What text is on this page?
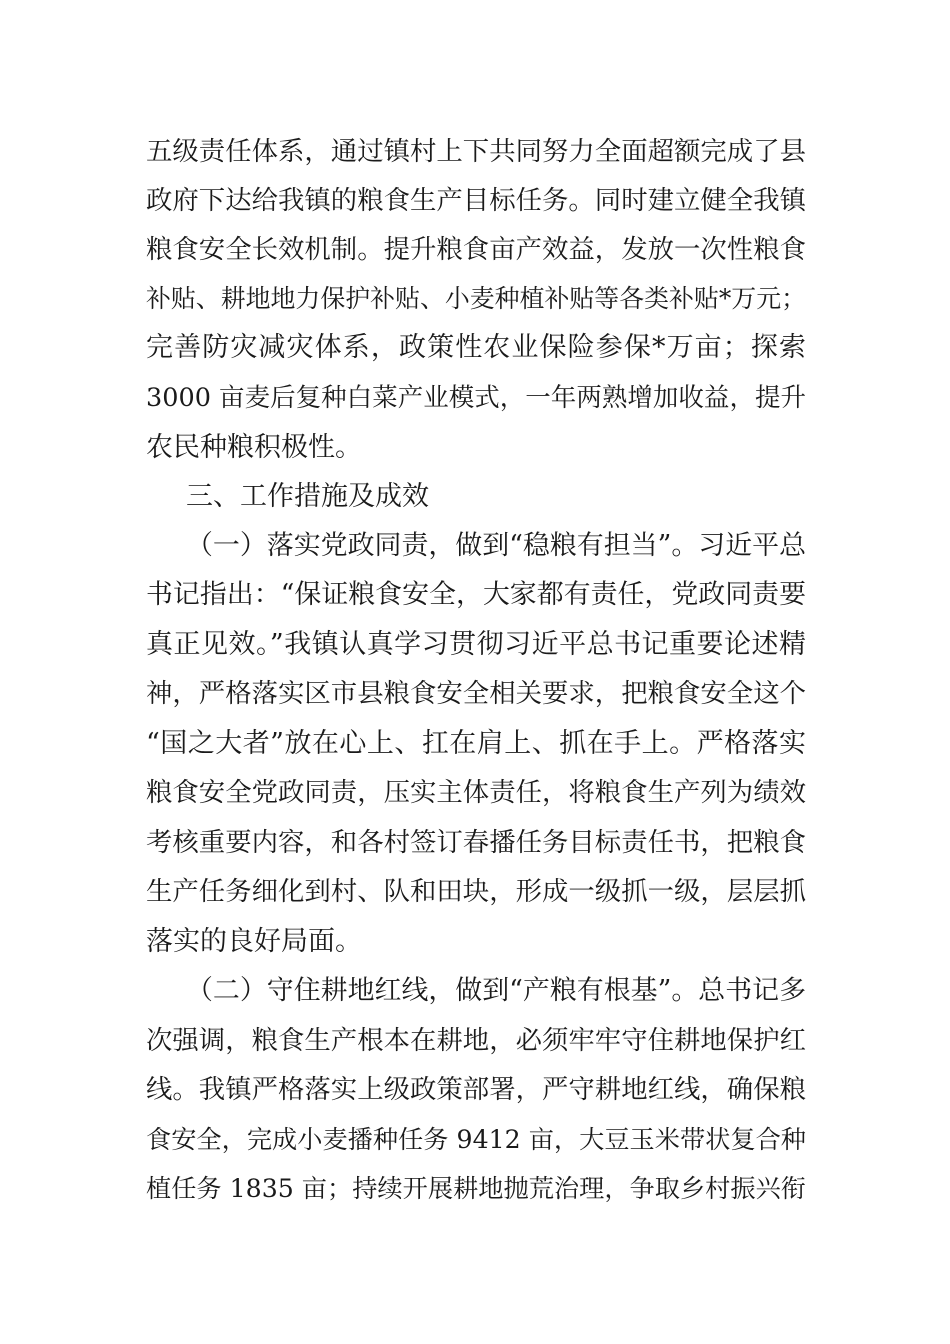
五级责任体系，通过镇村上下共同努力全面超额完成了县
政府下达给我镇的粮食生产目标任务。同时建立健全我镇
粮食安全长效机制。提升粮食亩产效益，发放一次性粮食
补贴、耕地地力保护补贴、小麦种植补贴等各类补贴*万元；
完善防灾减灾体系，政策性农业保险参保*万亩；探索
3000 亩麦后复种白菜产业模式，一年两熟增加收益，提升
农民种粮积极性。
三、工作措施及成效
（一）落实党政同责，做到“稳粮有担当”。习近平总
书记指出：“保证粮食安全，大家都有责任，党政同责要
真正见效。”我镇认真学习贯彻习近平总书记重要论述精
神，严格落实区市县粮食安全相关要求，把粮食安全这个
“国之大者”放在心上、扛在肩上、抓在手上。严格落实
粮食安全党政同责，压实主体责任，将粮食生产列为绩效
考核重要内容，和各村签订春播任务目标责任书，把粮食
生产任务细化到村、队和田块，形成一级抓一级，层层抓
落实的良好局面。
（二）守住耕地红线，做到“产粮有根基”。总书记多
次强调，粮食生产根本在耕地，必须牢牢守住耕地保护红
线。我镇严格落实上级政策部署，严守耕地红线，确保粮
食安全，完成小麦播种任务 9412 亩，大豆玉米带状复合种
植任务 1835 亩；持续开展耕地抛荒治理，争取乡村振兴衔
